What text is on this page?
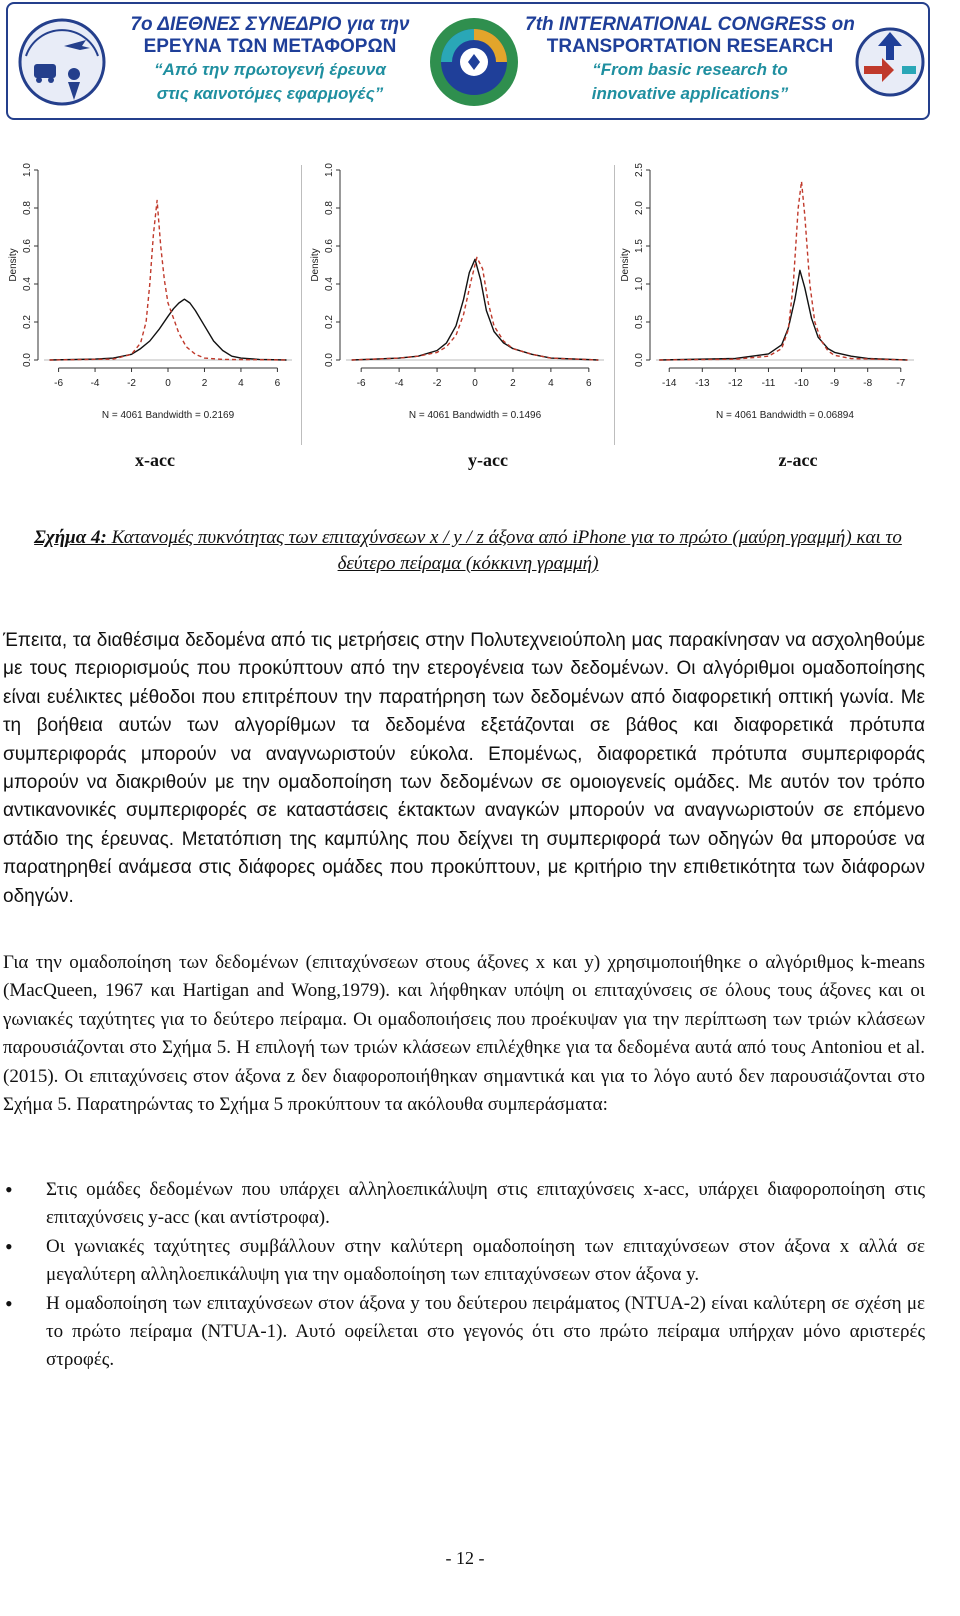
7ο ΔΙΕΘΝΕΣ ΣΥΝΕΔΡΙΟ για την
ΕΡΕΥΝΑ ΤΩΝ ΜΕΤΑΦΟΡΩΝ
“Από την πρωτογενή έρευνα
στις καινοτόμες εφαρμογές”
7th INTERNATIONAL CONGRESS on
TRANSPORTATION RESEARCH
“From basic research to
innovative applications”
0.0
0.2
0.4
0.6
0.8
1.0
Density
-6	-4	-2	0	2	4	6
N = 4061 Bandwidth = 0.2169
0.0
0.2
0.4
0.6
0.8
1.0
Density
-6	-4	-2	0	2	4	6
N = 4061 Bandwidth = 0.1496
0.0
0.5
1.0
1.5
2.0
2.5
Density
-14 -13 -12 -11 -10 -9 -8 -7
N = 4061 Bandwidth = 0.06894
x-acc	y-acc	z-acc
Σχήμα 4: Κατανομές πυκνότητας των επιταχύνσεων x / y / z άξονα από iPhone για το πρώτο (μαύρη γραμμή) και το δεύτερο πείραμα (κόκκινη γραμμή)
Έπειτα, τα διαθέσιμα δεδομένα από τις μετρήσεις στην Πολυτεχνειούπολη μας παρακίνησαν να ασχοληθούμε με τους περιορισμούς που προκύπτουν από την ετερογένεια των δεδομένων. Οι αλγόριθμοι ομαδοποίησης είναι ευέλικτες μέθοδοι που επιτρέπουν την παρατήρηση των δεδομένων από διαφορετική οπτική γωνία. Με τη βοήθεια αυτών των αλγορίθμων τα δεδομένα εξετάζονται σε βάθος και διαφορετικά πρότυπα συμπεριφοράς μπορούν να αναγνωριστούν εύκολα. Επομένως, διαφορετικά πρότυπα συμπεριφοράς μπορούν να διακριθούν με την ομαδοποίηση των δεδομένων σε ομοιογενείς ομάδες. Με αυτόν τον τρόπο αντικανονικές συμπεριφορές σε καταστάσεις έκτακτων αναγκών μπορούν να αναγνωριστούν σε επόμενο στάδιο της έρευνας. Μετατόπιση της καμπύλης που δείχνει τη συμπεριφορά των οδηγών θα μπορούσε να παρατηρηθεί ανάμεσα στις διάφορες ομάδες που προκύπτουν, με κριτήριο την επιθετικότητα των διάφορων οδηγών.
Για την ομαδοποίηση των δεδομένων (επιταχύνσεων στους άξονες x και y) χρησιμοποιήθηκε ο αλγόριθμος k-means (MacQueen, 1967 και Hartigan and Wong,1979). και λήφθηκαν υπόψη οι επιταχύνσεις σε όλους τους άξονες και οι γωνιακές ταχύτητες για το δεύτερο πείραμα. Οι ομαδοποιήσεις που προέκυψαν για την περίπτωση των τριών κλάσεων παρουσιάζονται στο Σχήμα 5. Η επιλογή των τριών κλάσεων επιλέχθηκε για τα δεδομένα αυτά από τους Antoniou et al. (2015). Οι επιταχύνσεις στον άξονα z δεν διαφοροποιήθηκαν σημαντικά και για το λόγο αυτό δεν παρουσιάζονται στο Σχήμα 5. Παρατηρώντας το Σχήμα 5 προκύπτουν τα ακόλουθα συμπεράσματα:
• Στις ομάδες δεδομένων που υπάρχει αλληλοεπικάλυψη στις επιταχύνσεις x-acc, υπάρχει διαφοροποίηση στις επιταχύνσεις y-acc (και αντίστροφα).
• Οι γωνιακές ταχύτητες συμβάλλουν στην καλύτερη ομαδοποίηση των επιταχύνσεων στον άξονα x αλλά σε μεγαλύτερη αλληλοεπικάλυψη για την ομαδοποίηση των επιταχύνσεων στον άξονα y.
• Η ομαδοποίηση των επιταχύνσεων στον άξονα y του δεύτερου πειράματος (NTUA-2) είναι καλύτερη σε σχέση με το πρώτο πείραμα (NTUA-1). Αυτό οφείλεται στο γεγονός ότι στο πρώτο πείραμα υπήρχαν μόνο αριστερές στροφές.
- 12 -
